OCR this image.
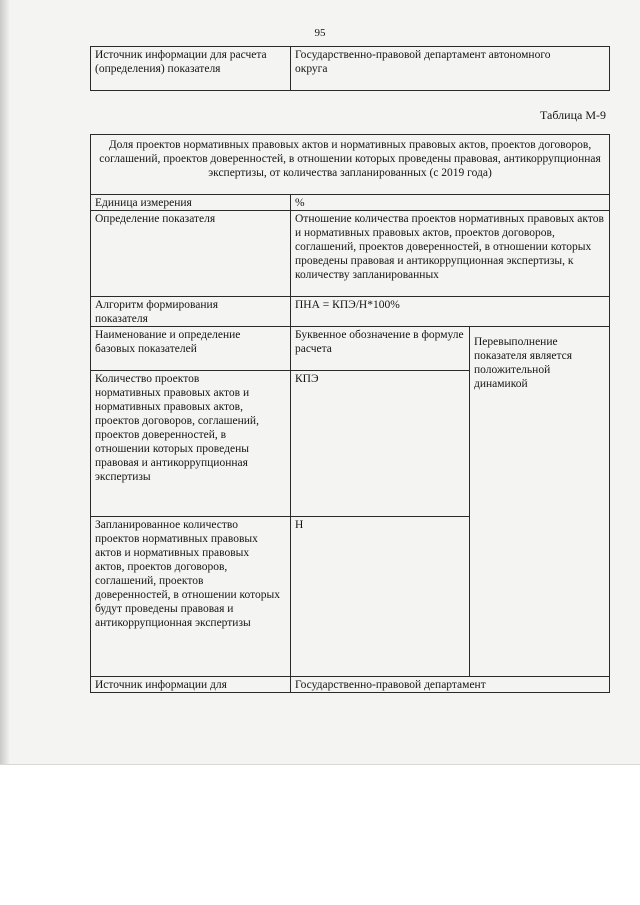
95
Источник информации для расчета (определения) показателя	Государственно-правовой департамент автономного округа
Таблица М-9
Доля проектов нормативных правовых актов и нормативных правовых актов, проектов договоров, соглашений, проектов доверенностей, в отношении которых проведены правовая, антикоррупционная экспертизы, от количества запланированных (с 2019 года)		
Единица измерения	%	
Определение показателя	Отношение количества проектов нормативных правовых актов и нормативных правовых актов, проектов договоров, соглашений, проектов доверенностей, в отношении которых проведены правовая и антикоррупционная экспертизы, к количеству запланированных	
Алгоритм формирования показателя	ПНА = КПЭ/Н*100%	
Наименование и определение базовых показателей	Буквенное обозначение в формуле расчета	Перевыполнение показателя является положительной динамикой
Количество проектов нормативных правовых актов и нормативных правовых актов, проектов договоров, соглашений, проектов доверенностей, в отношении которых проведены правовая и антикоррупционная экспертизы	КПЭ	
Запланированное количество проектов нормативных правовых актов и нормативных правовых актов, проектов договоров, соглашений, проектов доверенностей, в отношении которых будут проведены правовая и антикоррупционная экспертизы	Н	
Источник информации для	Государственно-правовой департамент	
